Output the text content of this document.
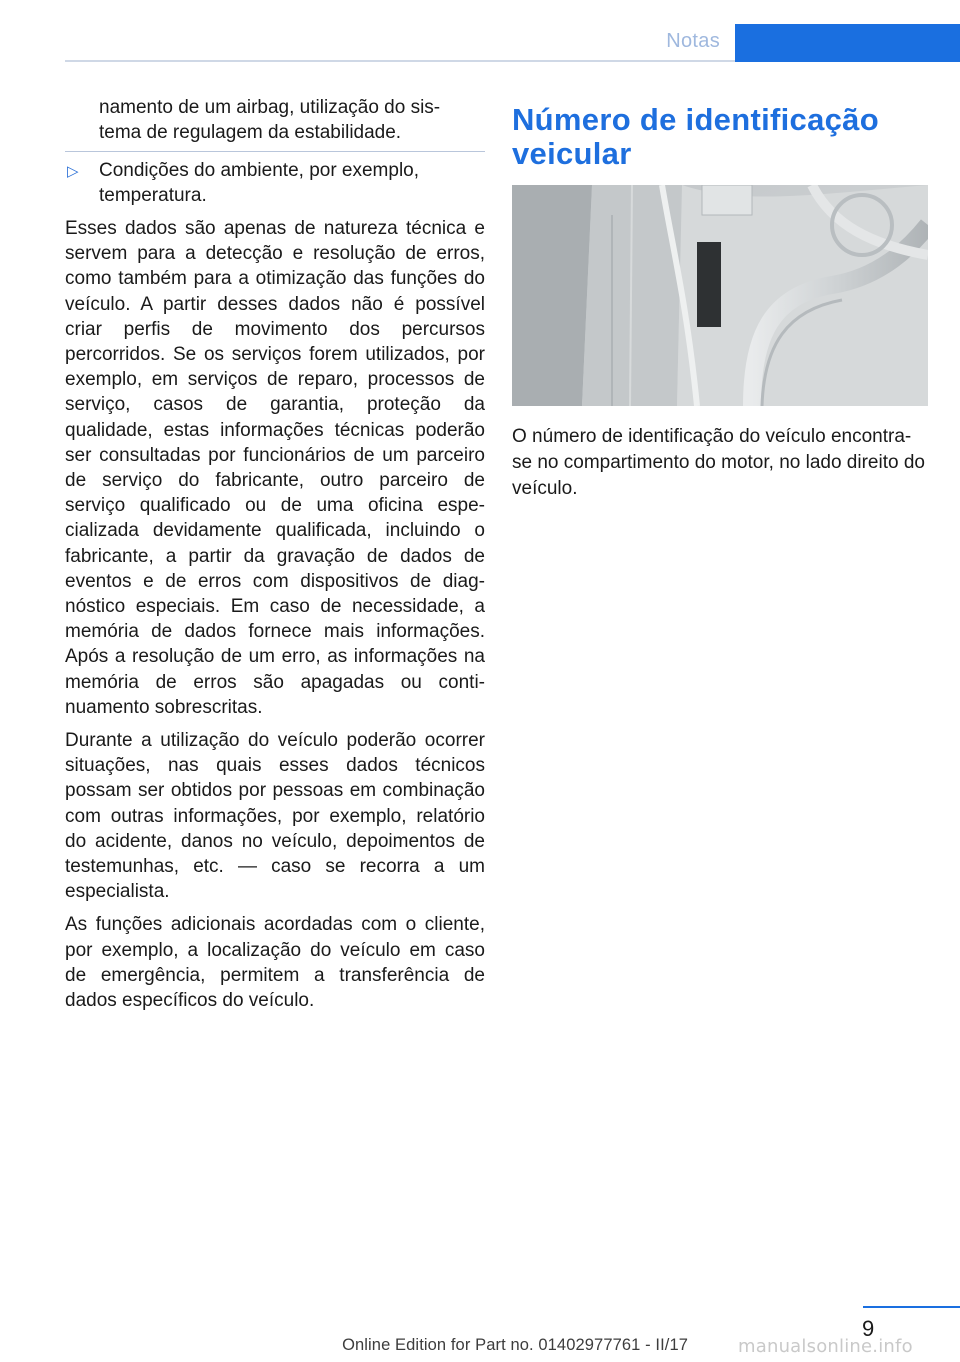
Notas
namento de um airbag, utilização do sis-
tema de regulagem da estabilidade.
▷ Condições do ambiente, por exemplo,
temperatura.

Esses dados são apenas de natureza técnica e servem para a detecção e resolução de erros, como também para a otimização das funções do veículo. A partir desses dados não é possível criar perfis de movimento dos percursos percorridos. Se os serviços forem utilizados, por exemplo, em serviços de reparo, processos de serviço, casos de garantia, proteção da qualidade, estas informações técnicas poderão ser consultadas por funcionários de um parceiro de serviço do fabricante, outro parceiro de serviço qualificado ou de uma oficina especializada devidamente qualificada, incluindo o fabricante, a partir da gravação de dados de eventos e de erros com dispositivos de diagnóstico especiais. Em caso de necessidade, a memória de dados fornece mais informações. Após a resolução de um erro, as informações na memória de erros são apagadas ou continuamento sobrescritas.

Durante a utilização do veículo poderão ocorrer situações, nas quais esses dados técnicos possam ser obtidos por pessoas em combinação com outras informações, por exemplo, relatório do acidente, danos no veículo, depoimentos de testemunhas, etc. — caso se recorra a um especialista.

As funções adicionais acordadas com o cliente, por exemplo, a localização do veículo em caso de emergência, permitem a transferência de dados específicos do veículo.

Número de identificação veicular
O número de identificação do veículo encontra-se no compartimento do motor, no lado direito do veículo.
9
Online Edition for Part no. 01402977761 - II/17	manualsonline.info
